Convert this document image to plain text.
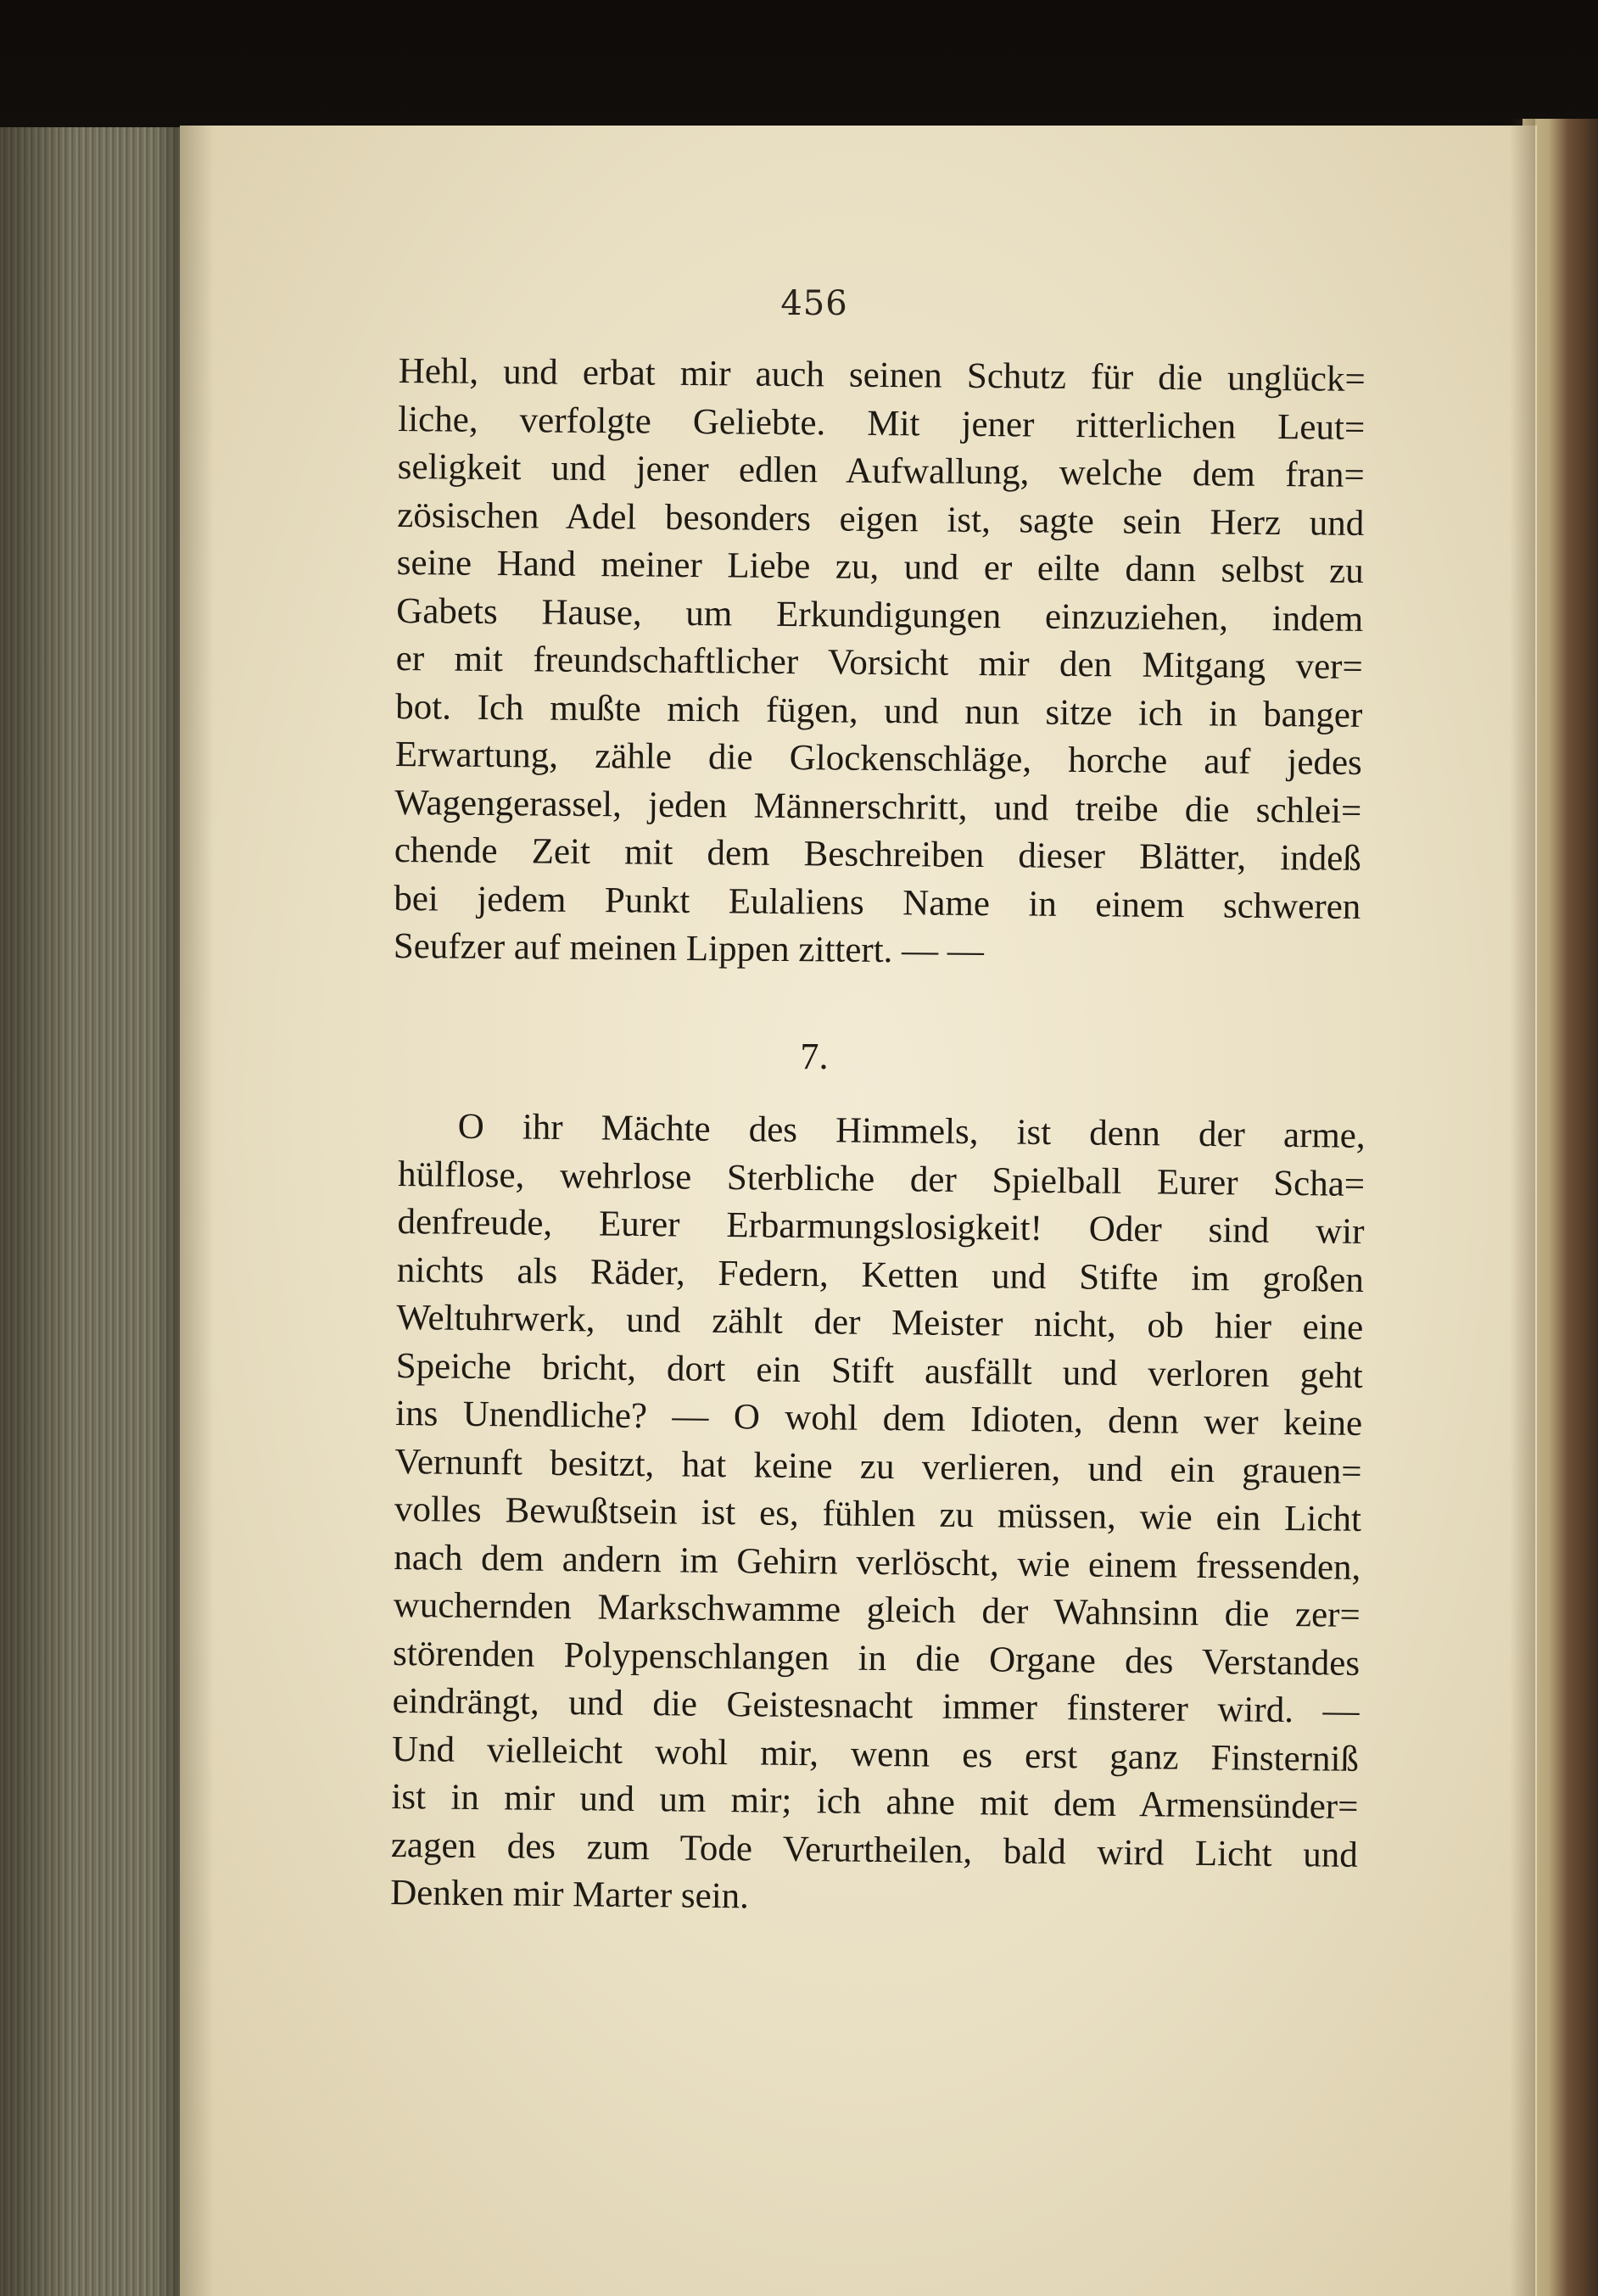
456
Hehl, und erbat mir auch seinen Schutz für die unglück=
liche, verfolgte Geliebte. Mit jener ritterlichen Leut=
seligkeit und jener edlen Aufwallung, welche dem fran=
zösischen Adel besonders eigen ist, sagte sein Herz und
seine Hand meiner Liebe zu, und er eilte dann selbst zu
Gabets Hause, um Erkundigungen einzuziehen, indem
er mit freundschaftlicher Vorsicht mir den Mitgang ver=
bot. Ich mußte mich fügen, und nun sitze ich in banger
Erwartung, zähle die Glockenschläge, horche auf jedes
Wagengerassel, jeden Männerschritt, und treibe die schlei=
chende Zeit mit dem Beschreiben dieser Blätter, indeß
bei jedem Punkt Eulaliens Name in einem schweren
Seufzer auf meinen Lippen zittert. — —
7.
O ihr Mächte des Himmels, ist denn der arme,
hülflose, wehrlose Sterbliche der Spielball Eurer Scha=
denfreude, Eurer Erbarmungslosigkeit! Oder sind wir
nichts als Räder, Federn, Ketten und Stifte im großen
Weltuhrwerk, und zählt der Meister nicht, ob hier eine
Speiche bricht, dort ein Stift ausfällt und verloren geht
ins Unendliche? — O wohl dem Idioten, denn wer keine
Vernunft besitzt, hat keine zu verlieren, und ein grauen=
volles Bewußtsein ist es, fühlen zu müssen, wie ein Licht
nach dem andern im Gehirn verlöscht, wie einem fressenden,
wuchernden Markschwamme gleich der Wahnsinn die zer=
störenden Polypenschlangen in die Organe des Verstandes
eindrängt, und die Geistesnacht immer finsterer wird. —
Und vielleicht wohl mir, wenn es erst ganz Finsterniß
ist in mir und um mir; ich ahne mit dem Armensünder=
zagen des zum Tode Verurtheilen, bald wird Licht und
Denken mir Marter sein.
